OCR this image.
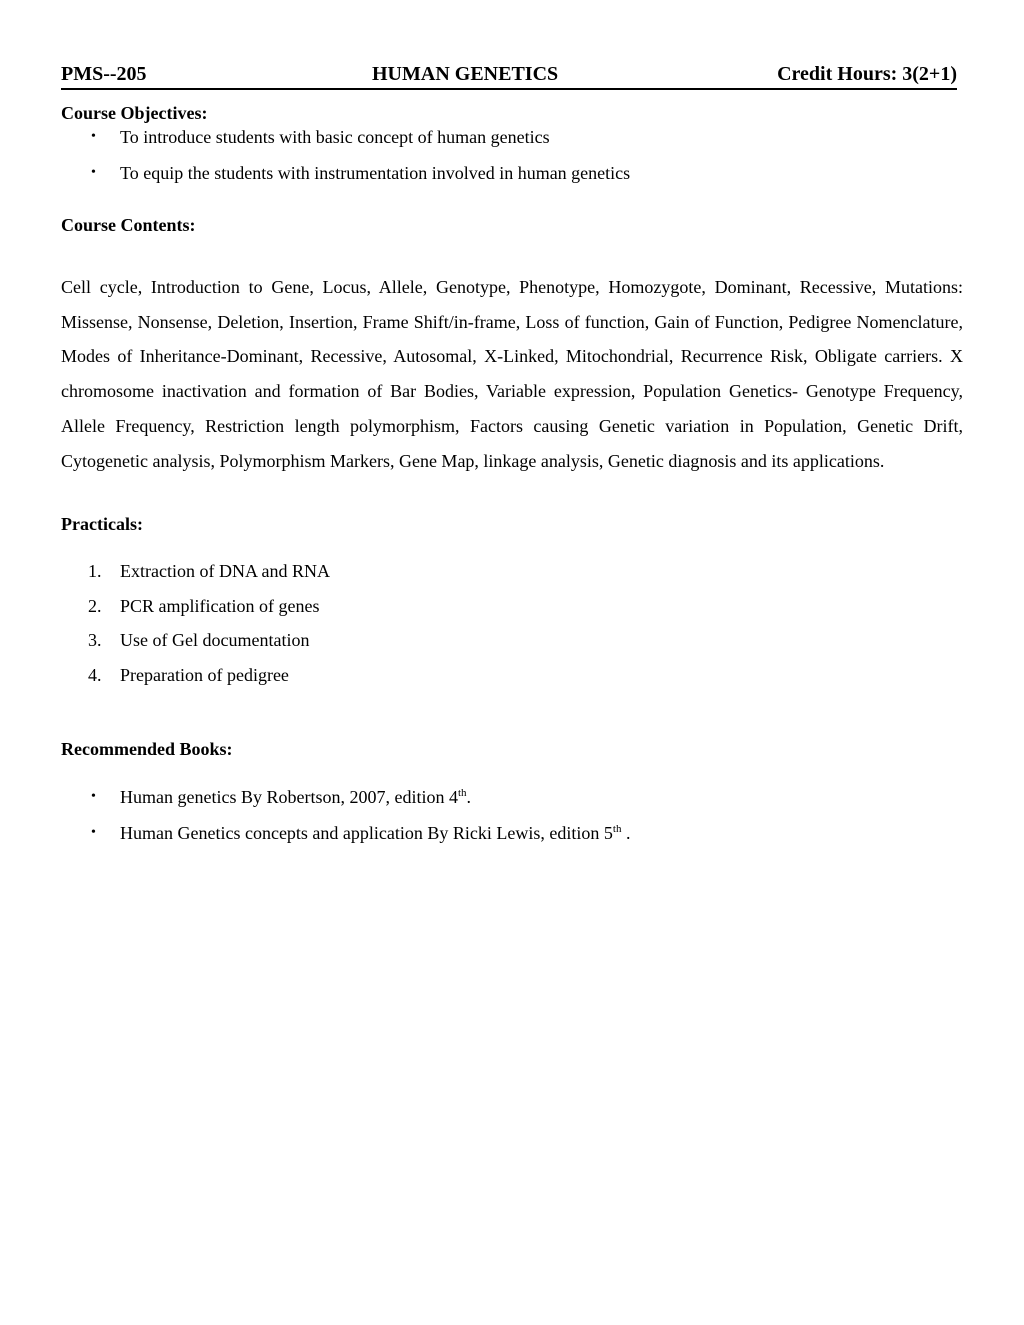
PMS--205	HUMAN GENETICS	Credit Hours: 3(2+1)
Course Objectives:
• To introduce students with basic concept of human genetics
• To equip the students with instrumentation involved in human genetics
Course Contents:

Cell cycle, Introduction to Gene, Locus, Allele, Genotype, Phenotype, Homozygote, Dominant, Recessive, Mutations: Missense, Nonsense, Deletion, Insertion, Frame Shift/in-frame, Loss of function, Gain of Function, Pedigree Nomenclature, Modes of Inheritance-Dominant, Recessive, Autosomal, X-Linked, Mitochondrial, Recurrence Risk, Obligate carriers. X chromosome inactivation and formation of Bar Bodies, Variable expression, Population Genetics- Genotype Frequency, Allele Frequency, Restriction length polymorphism, Factors causing Genetic variation in Population, Genetic Drift, Cytogenetic analysis, Polymorphism Markers, Gene Map, linkage analysis, Genetic diagnosis and its applications.

Practicals:
1. Extraction of DNA and RNA
2. PCR amplification of genes
3. Use of Gel documentation
4. Preparation of pedigree
Recommended Books:
• Human genetics By Robertson, 2007, edition 4th.
• Human Genetics concepts and application By Ricki Lewis, edition 5th .
